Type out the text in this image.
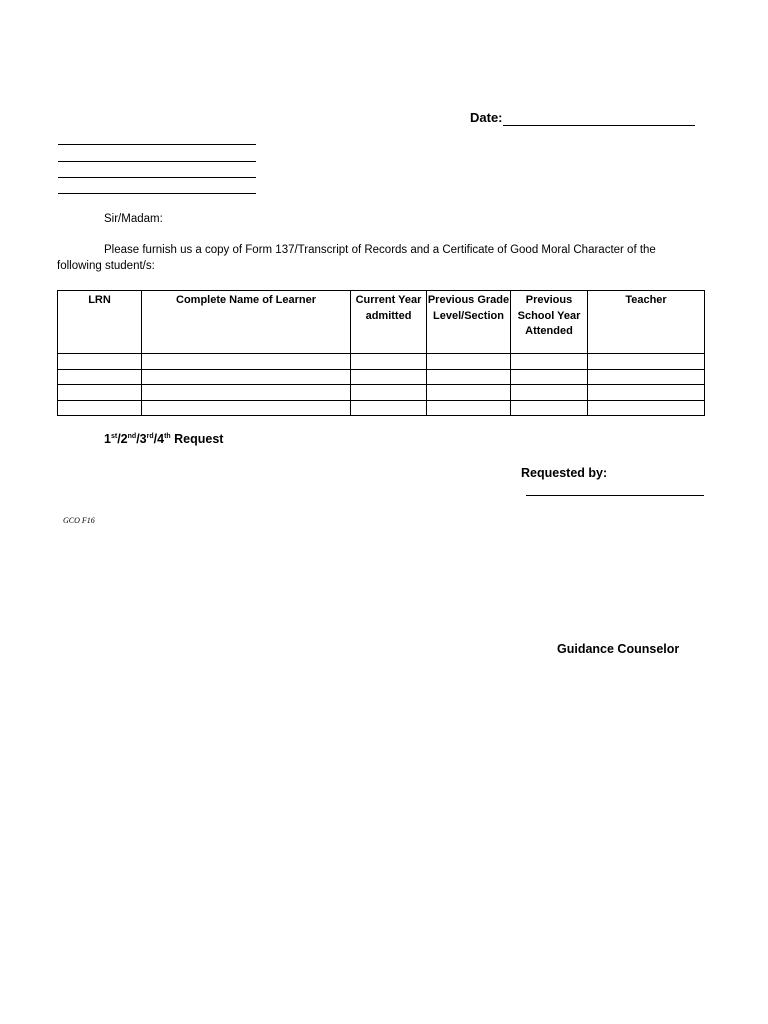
Date:
Sir/Madam:
Please furnish us a copy of Form 137/Transcript of Records and a Certificate of Good Moral Character of the
following student/s:
LRN	Complete Name of Learner	Current Year admitted	Previous Grade Level/Section	Previous School Year Attended	Teacher

1st/2nd/3rd/4th Request
Requested by:
GCO F16
Guidance Counselor
